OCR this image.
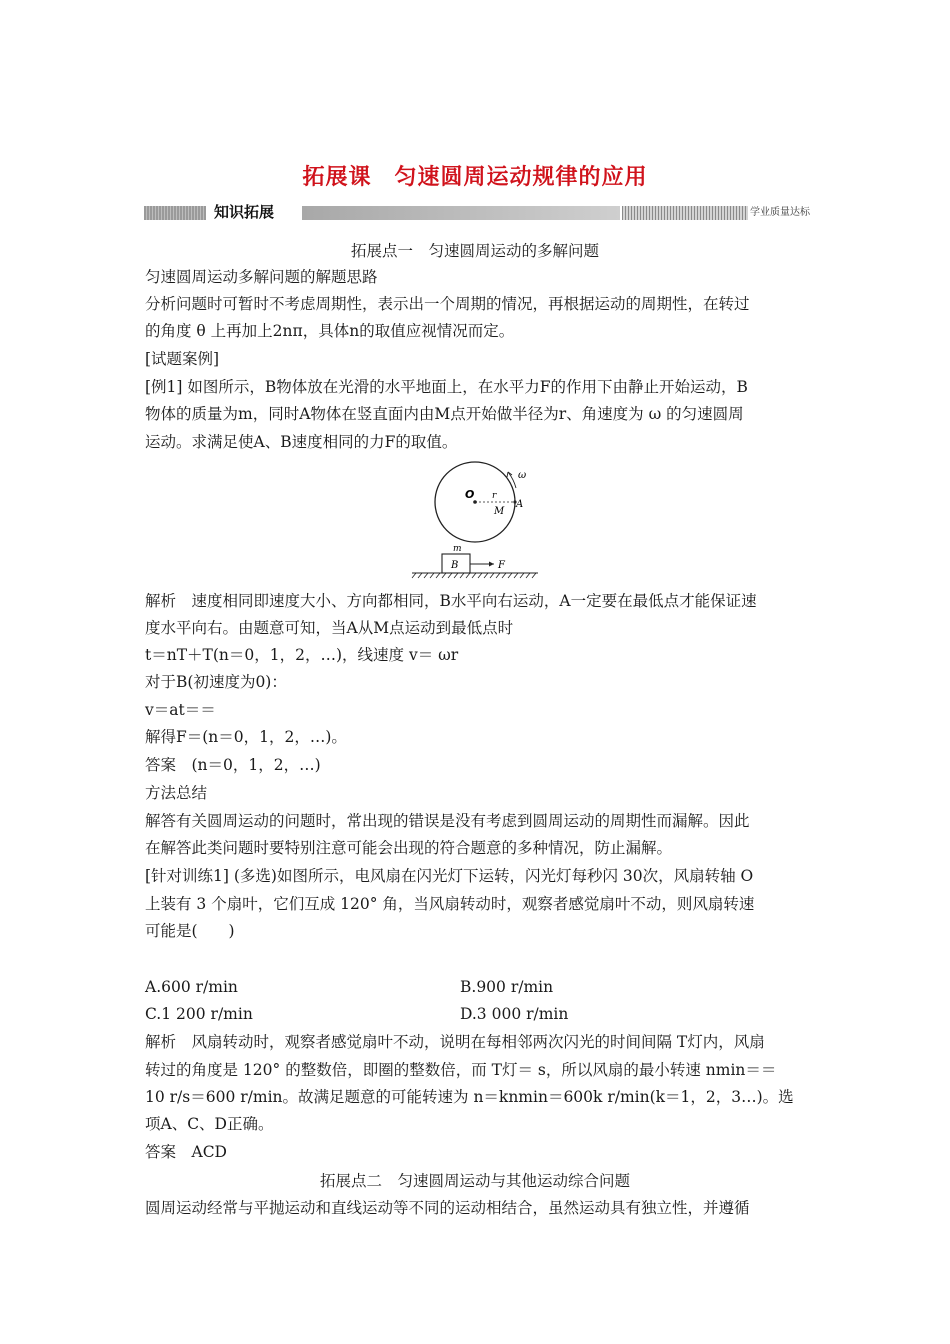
拓展课　匀速圆周运动规律的应用
知识拓展	学业质量达标
拓展点一　匀速圆周运动的多解问题
匀速圆周运动多解问题的解题思路
分析问题时可暂时不考虑周期性，表示出一个周期的情况，再根据运动的周期性，在转过
的角度 θ 上再加上2nπ，具体n的取值应视情况而定。
[试题案例]
[例1] 如图所示，B物体放在光滑的水平地面上，在水平力F的作用下由静止开始运动，B
物体的质量为m，同时A物体在竖直面内由M点开始做半径为r、角速度为 ω 的匀速圆周
运动。求满足使A、B速度相同的力F的取值。
ω
O r
A
M
m
B	F
解析　速度相同即速度大小、方向都相同，B水平向右运动，A一定要在最低点才能保证速
度水平向右。由题意可知，当A从M点运动到最低点时
t＝nT＋T(n＝0，1，2，…)，线速度 v＝ ωr
对于B(初速度为0)：
v＝at＝＝
解得F＝(n＝0，1，2，…)。
答案　(n＝0，1，2，…)
方法总结
解答有关圆周运动的问题时，常出现的错误是没有考虑到圆周运动的周期性而漏解。因此
在解答此类问题时要特别注意可能会出现的符合题意的多种情况，防止漏解。
[针对训练1] (多选)如图所示，电风扇在闪光灯下运转，闪光灯每秒闪 30次，风扇转轴 O
上装有 3 个扇叶，它们互成 120° 角，当风扇转动时，观察者感觉扇叶不动，则风扇转速
可能是(　　)
A.600 r/min	B.900 r/min
C.1 200 r/min	D.3 000 r/min
解析　风扇转动时，观察者感觉扇叶不动，说明在每相邻两次闪光的时间间隔 T灯内，风扇
转过的角度是 120° 的整数倍，即圈的整数倍，而 T灯＝ s，所以风扇的最小转速 nmin＝＝
10 r/s＝600 r/min。故满足题意的可能转速为 n＝knmin＝600k r/min(k＝1，2，3…)。选
项A、C、D正确。
答案　ACD
拓展点二　匀速圆周运动与其他运动综合问题
圆周运动经常与平抛运动和直线运动等不同的运动相结合，虽然运动具有独立性，并遵循
